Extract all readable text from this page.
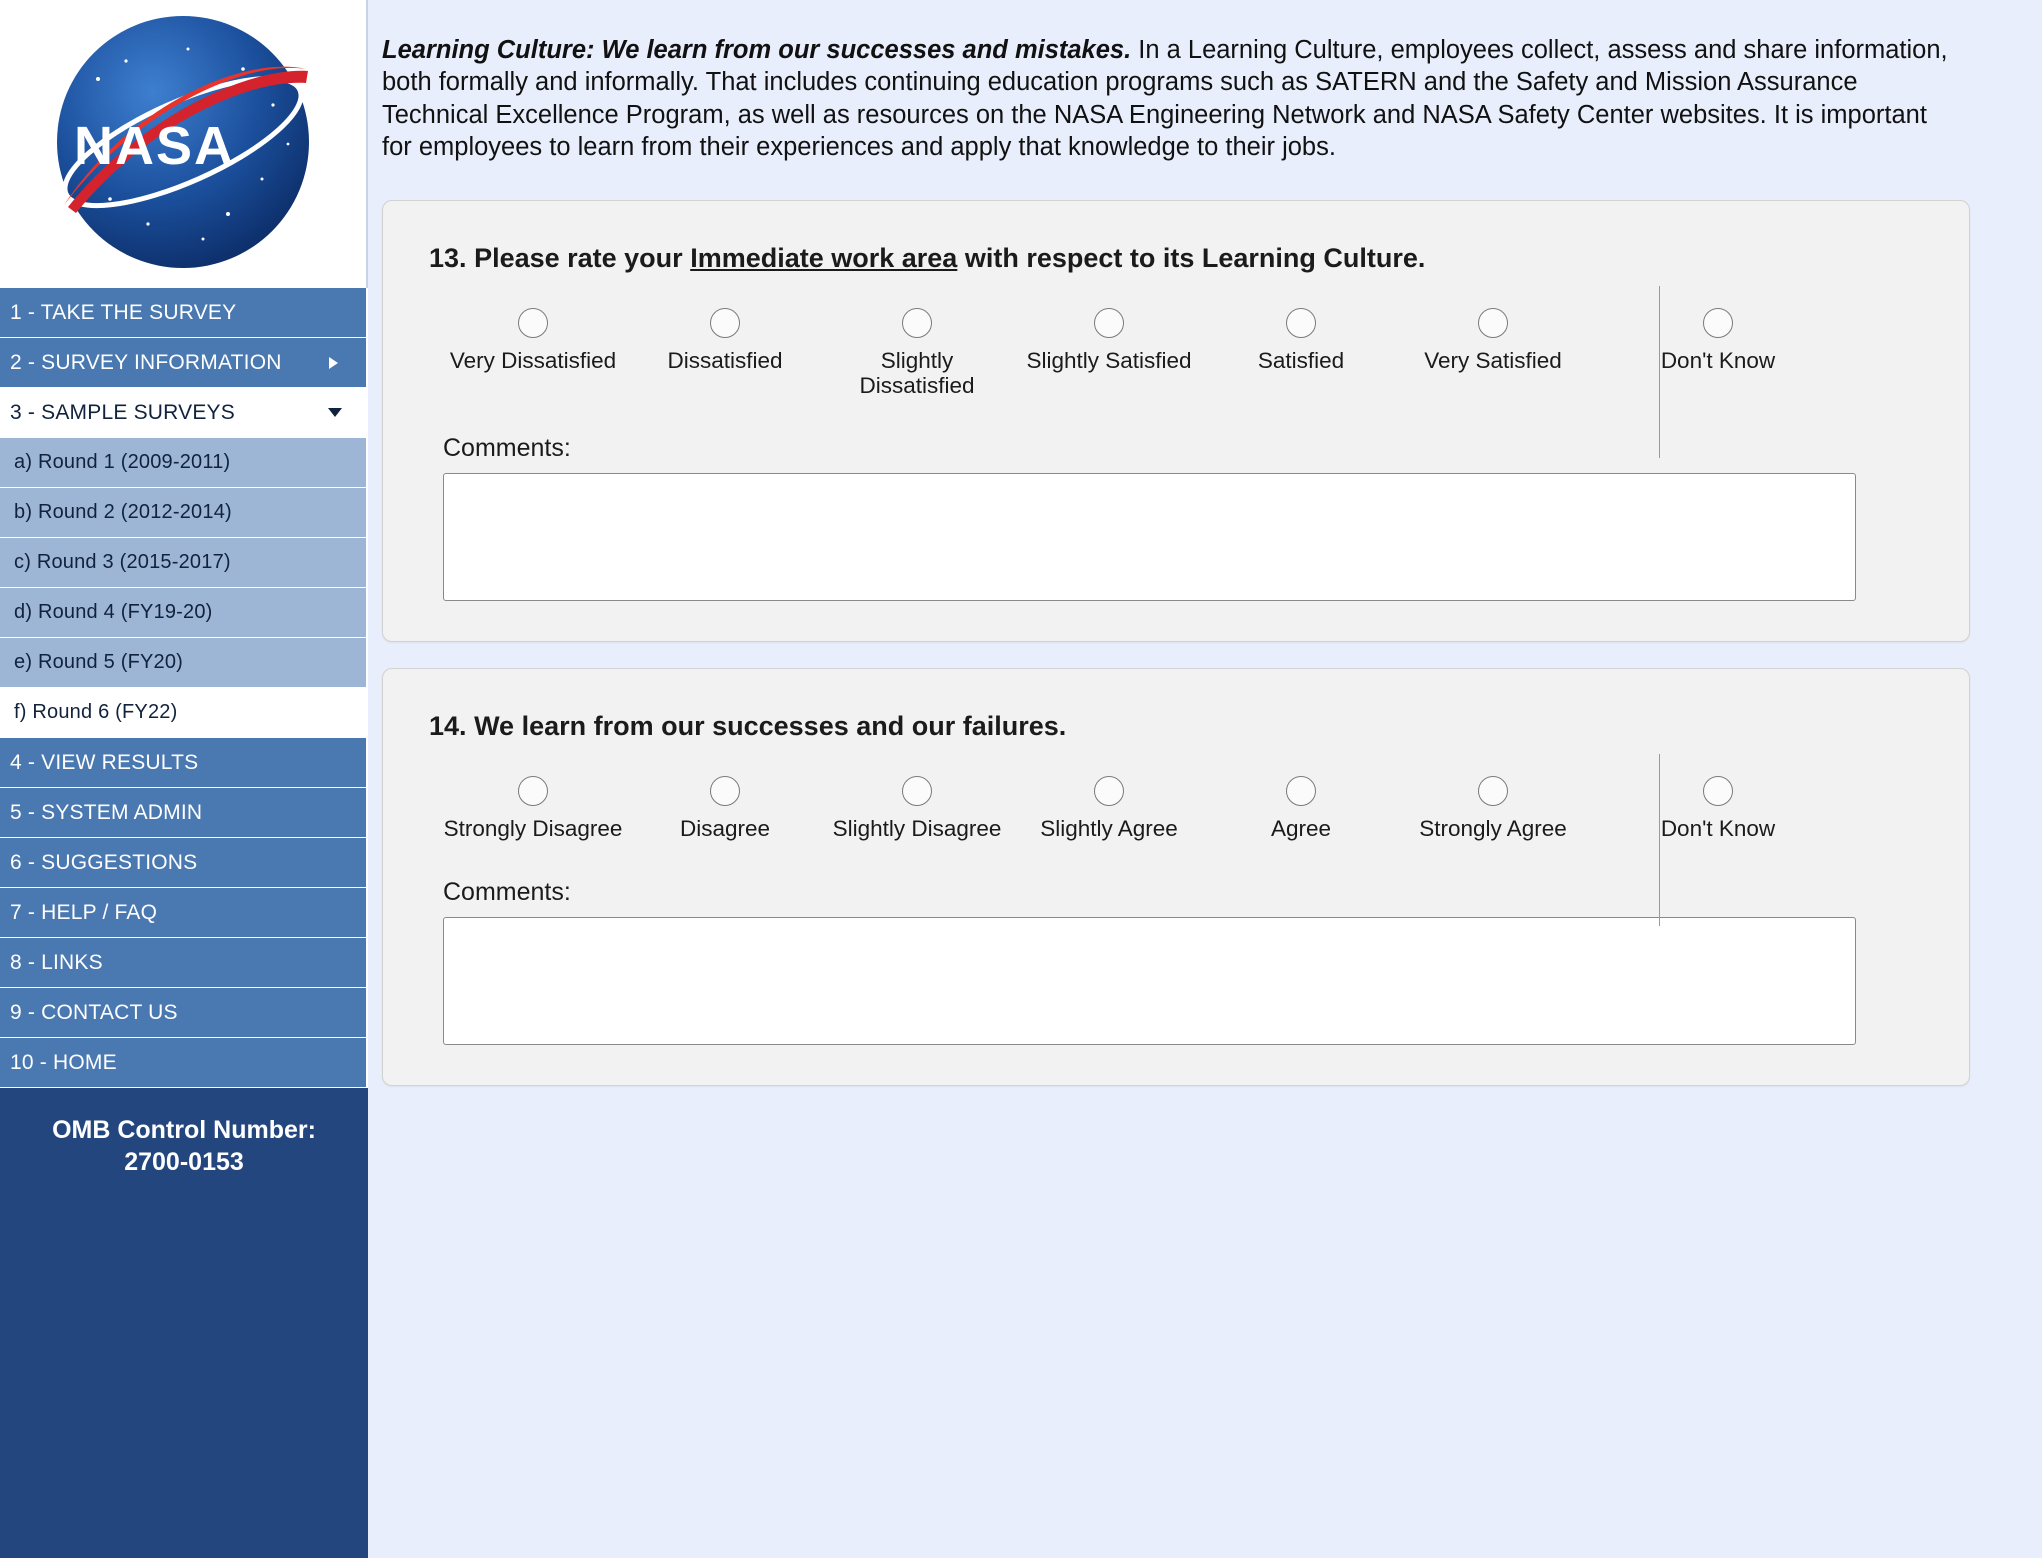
NASA
1 - TAKE THE SURVEY
2 - SURVEY INFORMATION
3 - SAMPLE SURVEYS
a) Round 1 (2009-2011)
b) Round 2 (2012-2014)
c) Round 3 (2015-2017)
d) Round 4 (FY19-20)
e) Round 5 (FY20)
f) Round 6 (FY22)
4 - VIEW RESULTS
5 - SYSTEM ADMIN
6 - SUGGESTIONS
7 - HELP / FAQ
8 - LINKS
9 - CONTACT US
10 - HOME
OMB Control Number:
2700-0153

Learning Culture: We learn from our successes and mistakes. In a Learning Culture, employees collect, assess and share information, both formally and informally. That includes continuing education programs such as SATERN and the Safety and Mission Assurance Technical Excellence Program, as well as resources on the NASA Engineering Network and NASA Safety Center websites. It is important for employees to learn from their experiences and apply that knowledge to their jobs.

13. Please rate your Immediate work area with respect to its Learning Culture.
Very Dissatisfied Dissatisfied	Slightly Dissatisfied
Slightly Satisfied	Satisfied	Very Satisfied	Don't Know
Comments:
14. We learn from our successes and our failures.
Strongly Disagree	Disagree	Slightly Disagree Slightly Agree	Agree	Strongly Agree	Don't Know
Comments:
